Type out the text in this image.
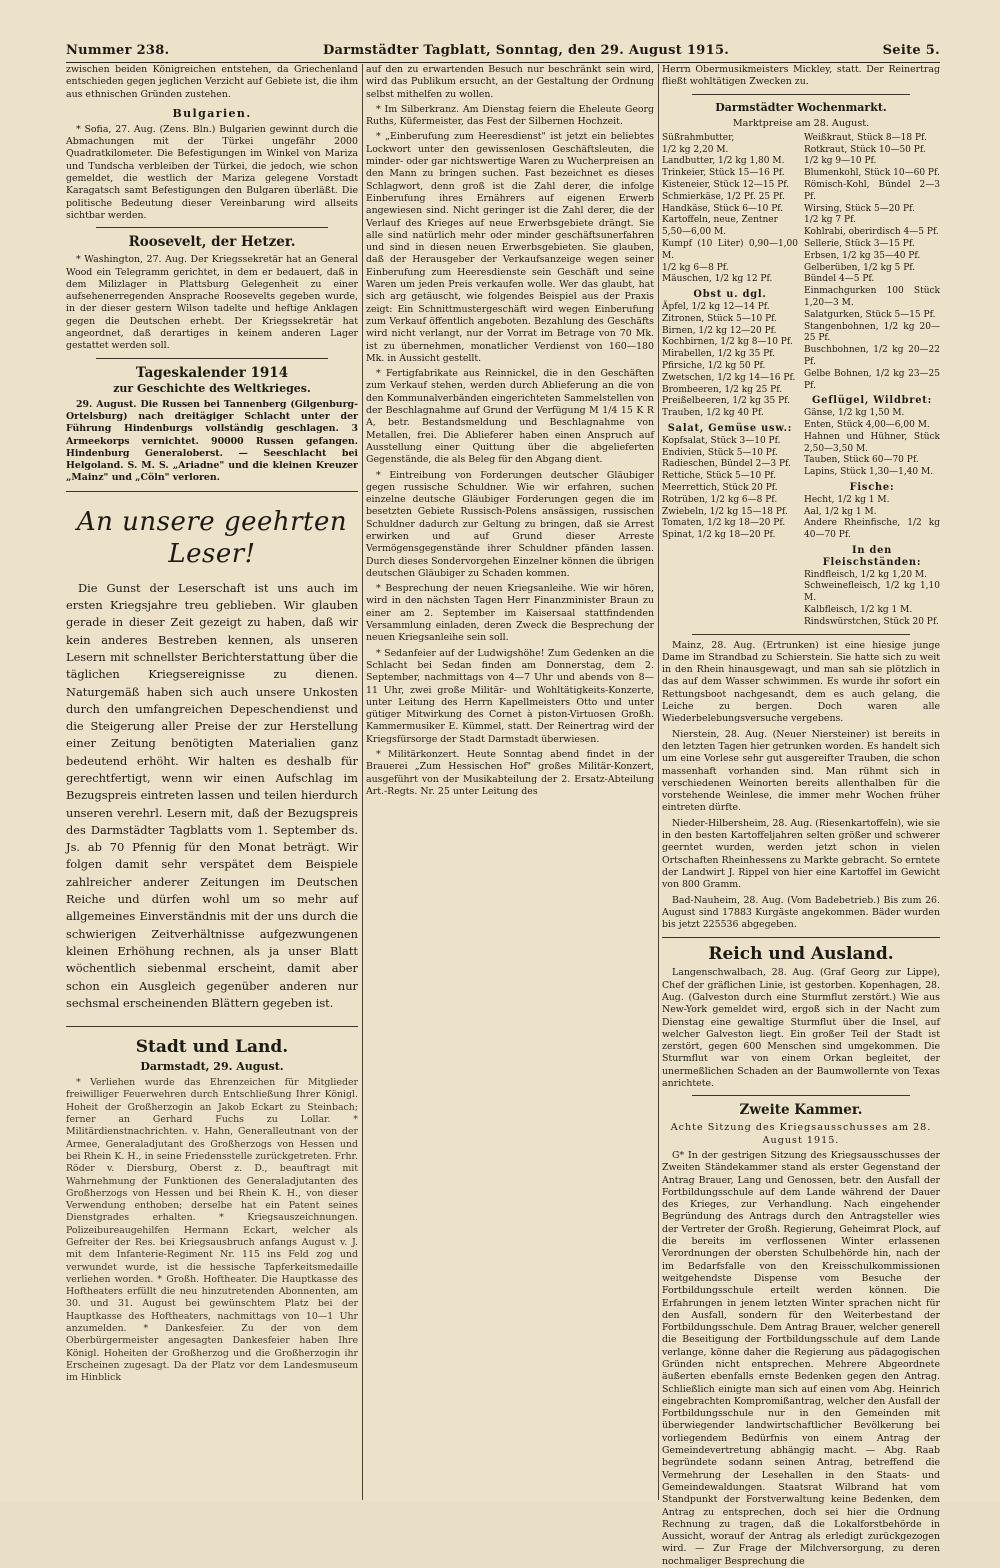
Nummer 238.	Darmstädter Tagblatt, Sonntag, den 29. August 1915.	Seite 5.

zwischen beiden Königreichen entstehen, da Griechenland entschieden gegen jeglichen Verzicht auf Gebiete ist, die ihm aus ethnischen Gründen zustehen.

Bulgarien.

* Sofia, 27. Aug. (Zens. Bln.) Bulgarien gewinnt durch die Abmachungen mit der Türkei ungefähr 2000 Quadratkilometer. Die Befestigungen im Winkel von Mariza und Tundscha verbleiben der Türkei, die jedoch, wie schon gemeldet, die westlich der Mariza gelegene Vorstadt Karagatsch samt Befestigungen den Bulgaren überläßt. Die politische Bedeutung dieser Vereinbarung wird allseits sichtbar werden.

Roosevelt, der Hetzer.

* Washington, 27. Aug. Der Kriegssekretär hat an General Wood ein Telegramm gerichtet, in dem er bedauert, daß in dem Milizlager in Plattsburg Gelegenheit zu einer aufsehenerregenden Ansprache Roosevelts gegeben wurde, in der dieser gestern Wilson tadelte und heftige Anklagen gegen die Deutschen erhebt. Der Kriegssekretär hat angeordnet, daß derartiges in keinem anderen Lager gestattet werden soll.

Tageskalender 1914
zur Geschichte des Weltkrieges.

29. August. Die Russen bei Tannenberg (Gilgenburg-Ortelsburg) nach dreitägiger Schlacht unter der Führung Hindenburgs vollständig geschlagen. 3 Armeekorps vernichtet. 90000 Russen gefangen. Hindenburg Generaloberst. — Seeschlacht bei Helgoland. S. M. S. „Ariadne" und die kleinen Kreuzer „Mainz" und „Cöln" verloren.

An unsere geehrten Leser!

Die Gunst der Leserschaft ist uns auch im ersten Kriegsjahre treu geblieben. Wir glauben gerade in dieser Zeit gezeigt zu haben, daß wir kein anderes Bestreben kennen, als unseren Lesern mit schnellster Berichterstattung über die täglichen Kriegsereignisse zu dienen. Naturgemäß haben sich auch unsere Unkosten durch den umfangreichen Depeschendienst und die Steigerung aller Preise der zur Herstellung einer Zeitung benötigten Materialien ganz bedeutend erhöht. Wir halten es deshalb für gerechtfertigt, wenn wir einen Aufschlag im Bezugspreis eintreten lassen und teilen hierdurch unseren verehrl. Lesern mit, daß der Bezugspreis des Darmstädter Tagblatts vom 1. September ds. Js. ab 70 Pfennig für den Monat beträgt. Wir folgen damit sehr verspätet dem Beispiele zahlreicher anderer Zeitungen im Deutschen Reiche und dürfen wohl um so mehr auf allgemeines Einverständnis mit der uns durch die schwierigen Zeitverhältnisse aufgezwungenen kleinen Erhöhung rechnen, als ja unser Blatt wöchentlich siebenmal erscheint, damit aber schon ein Ausgleich gegenüber anderen nur sechsmal erscheinenden Blättern gegeben ist.

Stadt und Land.
Darmstadt, 29. August.

* Verliehen wurde das Ehrenzeichen für Mitglieder freiwilliger Feuerwehren durch Entschließung Ihrer Königl. Hoheit der Großherzogin an Jakob Eckart zu Steinbach; ferner an Gerhard Fuchs zu Lollar. * Militärdienstnachrichten. v. Hahn, Generalleutnant von der Armee, Generaladjutant des Großherzogs von Hessen und bei Rhein K. H., in seine Friedensstelle zurückgetreten. Frhr. Röder v. Diersburg, Oberst z. D., beauftragt mit Wahrnehmung der Funktionen des Generaladjutanten des Großherzogs von Hessen und bei Rhein K. H., von dieser Verwendung enthoben; derselbe hat ein Patent seines Dienstgrades erhalten. * Kriegsauszeichnungen. Polizeibureaugehilfen Hermann Eckart, welcher als Gefreiter der Res. bei Kriegsausbruch anfangs August v. J. mit dem Infanterie-Regiment Nr. 115 ins Feld zog und verwundet wurde, ist die hessische Tapferkeitsmedaille verliehen worden. * Großh. Hoftheater. Die Hauptkasse des Hoftheaters erfüllt die neu hinzutretenden Abonnenten, am 30. und 31. August bei gewünschtem Platz bei der Hauptkasse des Hoftheaters, nachmittags von 10—1 Uhr anzumelden. * Dankesfeier. Zu der von dem Oberbürgermeister angesagten Dankesfeier haben Ihre Königl. Hoheiten der Großherzog und die Großherzogin ihr Erscheinen zugesagt. Da der Platz vor dem Landesmuseum im Hinblick

auf den zu erwartenden Besuch nur beschränkt sein wird, wird das Publikum ersucht, an der Gestaltung der Ordnung selbst mithelfen zu wollen.

* Im Silberkranz. Am Dienstag feiern die Eheleute Georg Ruths, Küfermeister, das Fest der Silbernen Hochzeit.

* „Einberufung zum Heeresdienst" ist jetzt ein beliebtes Lockwort unter den gewissenlosen Geschäftsleuten, die minder- oder gar nichtswertige Waren zu Wucherpreisen an den Mann zu bringen suchen. Fast bezeichnet es dieses Schlagwort, denn groß ist die Zahl derer, die infolge Einberufung ihres Ernährers auf eigenen Erwerb angewiesen sind. Nicht geringer ist die Zahl derer, die der Verlauf des Krieges auf neue Erwerbsgebiete drängt. Sie alle sind natürlich mehr oder minder geschäftsunerfahren und sind in diesen neuen Erwerbsgebieten. Sie glauben, daß der Herausgeber der Verkaufsanzeige wegen seiner Einberufung zum Heeresdienste sein Geschäft und seine Waren um jeden Preis verkaufen wolle. Wer das glaubt, hat sich arg getäuscht, wie folgendes Beispiel aus der Praxis zeigt: Ein Schnittmustergeschäft wird wegen Einberufung zum Verkauf öffentlich angeboten. Bezahlung des Geschäfts wird nicht verlangt, nur der Vorrat im Betrage von 70 Mk. ist zu übernehmen, monatlicher Verdienst von 160—180 Mk. in Aussicht gestellt.

* Fertigfabrikate aus Reinnickel, die in den Geschäften zum Verkauf stehen, werden durch Ablieferung an die von den Kommunalverbänden eingerichteten Sammelstellen von der Beschlagnahme auf Grund der Verfügung M 1/4 15 K R A, betr. Bestandsmeldung und Beschlagnahme von Metallen, frei. Die Ablieferer haben einen Anspruch auf Ausstellung einer Quittung über die abgelieferten Gegenstände, die als Beleg für den Abgang dient.

* Eintreibung von Forderungen deutscher Gläubiger gegen russische Schuldner. Wie wir erfahren, suchen einzelne deutsche Gläubiger Forderungen gegen die im besetzten Gebiete Russisch-Polens ansässigen, russischen Schuldner dadurch zur Geltung zu bringen, daß sie Arrest erwirken und auf Grund dieser Arreste Vermögensgegenstände ihrer Schuldner pfänden lassen. Durch dieses Sondervorgehen Einzelner können die übrigen deutschen Gläubiger zu Schaden kommen.

* Besprechung der neuen Kriegsanleihe. Wie wir hören, wird in den nächsten Tagen Herr Finanzminister Braun zu einer am 2. September im Kaisersaal stattfindenden Versammlung einladen, deren Zweck die Besprechung der neuen Kriegsanleihe sein soll.

* Sedanfeier auf der Ludwigshöhe! Zum Gedenken an die Schlacht bei Sedan finden am Donnerstag, dem 2. September, nachmittags von 4—7 Uhr und abends von 8—11 Uhr, zwei große Militär- und Wohltätigkeits-Konzerte, unter Leitung des Herrn Kapellmeisters Otto und unter gütiger Mitwirkung des Cornet à piston-Virtuosen Großh. Kammermusiker E. Kümmel, statt. Der Reinertrag wird der Kriegsfürsorge der Stadt Darmstadt überwiesen.

* Militärkonzert. Heute Sonntag abend findet in der Brauerei „Zum Hessischen Hof" großes Militär-Konzert, ausgeführt von der Musikabteilung der 2. Ersatz-Abteilung Art.-Regts. Nr. 25 unter Leitung des

Herrn Obermusikmeisters Mickley, statt. Der Reinertrag fließt wohltätigen Zwecken zu.

Darmstädter Wochenmarkt.
Marktpreise am 28. August.
Süßrahmbutter,
1/2 kg 2,20 M.
Landbutter, 1/2 kg 1,80 M.
Trinkeier, Stück 15—16 Pf.
Kisteneier, Stück 12—15 Pf.
Schmierkäse, 1/2 Pf. 25 Pf.
Handkäse, Stück 6—10 Pf.
Kartoffeln, neue, Zentner
5,50—6,00 M.
Kumpf (10 Liter) 0,90—1,00 M.
1/2 kg 6—8 Pf.
Mäuschen, 1/2 kg 12 Pf.
Obst u. dgl.
Äpfel, 1/2 kg 12—14 Pf.
Zitronen, Stück 5—10 Pf.
Birnen, 1/2 kg 12—20 Pf.
Kochbirnen, 1/2 kg 8—10 Pf.
Mirabellen, 1/2 kg 35 Pf.
Pfirsiche, 1/2 kg 50 Pf.
Zwetschen, 1/2 kg 14—16 Pf.
Brombeeren, 1/2 kg 25 Pf.
Preißelbeeren, 1/2 kg 35 Pf.
Trauben, 1/2 kg 40 Pf.
Salat, Gemüse usw.:
Kopfsalat, Stück 3—10 Pf.
Endivien, Stück 5—10 Pf.
Radieschen, Bündel 2—3 Pf.
Rettiche, Stück 5—10 Pf.
Meerrettich, Stück 20 Pf.
Rotrüben, 1/2 kg 6—8 Pf.
Zwiebeln, 1/2 kg 15—18 Pf.
Tomaten, 1/2 kg 18—20 Pf.
Spinat, 1/2 kg 18—20 Pf.
Weißkraut, Stück 8—18 Pf.
Rotkraut, Stück 10—50 Pf.
1/2 kg 9—10 Pf.
Blumenkohl, Stück 10—60 Pf.
Römisch-Kohl, Bündel 2—3 Pf.
Wirsing, Stück 5—20 Pf.
1/2 kg 7 Pf.
Kohlrabi, oberirdisch 4—5 Pf.
Sellerie, Stück 3—15 Pf.
Erbsen, 1/2 kg 35—40 Pf.
Gelberüben, 1/2 kg 5 Pf.
Bündel 4—5 Pf.
Einmachgurken 100 Stück 1,20—3 M.
Salatgurken, Stück 5—15 Pf.
Stangenbohnen, 1/2 kg 20—25 Pf.
Buschbohnen, 1/2 kg 20—22 Pf.
Gelbe Bohnen, 1/2 kg 23—25 Pf.
Geflügel, Wildbret:
Gänse, 1/2 kg 1,50 M.
Enten, Stück 4,00—6,00 M.
Hahnen und Hühner, Stück 2,50—3,50 M.
Tauben, Stück 60—70 Pf.
Lapins, Stück 1,30—1,40 M.
Fische:
Hecht, 1/2 kg 1 M.
Aal, 1/2 kg 1 M.
Andere Rheinfische, 1/2 kg 40—70 Pf.
In den Fleischständen:
Rindfleisch, 1/2 kg 1,20 M.
Schweinefleisch, 1/2 kg 1,10 M.
Kalbfleisch, 1/2 kg 1 M.
Rindswürstchen, Stück 20 Pf.

Mainz, 28. Aug. (Ertrunken) ist eine hiesige junge Dame im Strandbad zu Schierstein. Sie hatte sich zu weit in den Rhein hinausgewagt, und man sah sie plötzlich in das auf dem Wasser schwimmen. Es wurde ihr sofort ein Rettungsboot nachgesandt, dem es auch gelang, die Leiche zu bergen. Doch waren alle Wiederbelebungsversuche vergebens.

Nierstein, 28. Aug. (Neuer Niersteiner) ist bereits in den letzten Tagen hier getrunken worden. Es handelt sich um eine Vorlese sehr gut ausgereifter Trauben, die schon massenhaft vorhanden sind. Man rühmt sich in verschiedenen Weinorten bereits allenthalben für die vorstehende Weinlese, die immer mehr Wochen früher eintreten dürfte.

Nieder-Hilbersheim, 28. Aug. (Riesenkartoffeln), wie sie in den besten Kartoffeljahren selten größer und schwerer geerntet wurden, werden jetzt schon in vielen Ortschaften Rheinhessens zu Markte gebracht. So erntete der Landwirt J. Rippel von hier eine Kartoffel im Gewicht von 800 Gramm.

Bad-Nauheim, 28. Aug. (Vom Badebetrieb.) Bis zum 26. August sind 17883 Kurgäste angekommen. Bäder wurden bis jetzt 225536 abgegeben.

Reich und Ausland.

Langenschwalbach, 28. Aug. (Graf Georg zur Lippe), Chef der gräflichen Linie, ist gestorben. Kopenhagen, 28. Aug. (Galveston durch eine Sturmflut zerstört.) Wie aus New-York gemeldet wird, ergoß sich in der Nacht zum Dienstag eine gewaltige Sturmflut über die Insel, auf welcher Galveston liegt. Ein großer Teil der Stadt ist zerstört, gegen 600 Menschen sind umgekommen. Die Sturmflut war von einem Orkan begleitet, der unermeßlichen Schaden an der Baumwollernte von Texas anrichtete.

Zweite Kammer.
Achte Sitzung des Kriegsausschusses am 28. August 1915.

G* In der gestrigen Sitzung des Kriegsausschusses der Zweiten Ständekammer stand als erster Gegenstand der Antrag Brauer, Lang und Genossen, betr. den Ausfall der Fortbildungsschule auf dem Lande während der Dauer des Krieges, zur Verhandlung. Nach eingehender Begründung des Antrags durch den Antragsteller wies der Vertreter der Großh. Regierung, Geheimrat Plock, auf die bereits im verflossenen Winter erlassenen Verordnungen der obersten Schulbehörde hin, nach der im Bedarfsfalle von den Kreisschulkommissionen weitgehendste Dispense vom Besuche der Fortbildungsschule erteilt werden können. Die Erfahrungen in jenem letzten Winter sprachen nicht für den Ausfall, sondern für den Weiterbestand der Fortbildungsschule. Dem Antrag Brauer, welcher generell die Beseitigung der Fortbildungsschule auf dem Lande verlange, könne daher die Regierung aus pädagogischen Gründen nicht entsprechen. Mehrere Abgeordnete äußerten ebenfalls ernste Bedenken gegen den Antrag. Schließlich einigte man sich auf einen vom Abg. Heinrich eingebrachten Kompromißantrag, welcher den Ausfall der Fortbildungsschule nur in den Gemeinden mit überwiegender landwirtschaftlicher Bevölkerung bei vorliegendem Bedürfnis von einem Antrag der Gemeindevertretung abhängig macht. — Abg. Raab begründete sodann seinen Antrag, betreffend die Vermehrung der Lesehallen in den Staats- und Gemeindewaldungen. Staatsrat Wilbrand hat vom Standpunkt der Forstverwaltung keine Bedenken, dem Antrag zu entsprechen, doch sei hier die Ordnung Rechnung zu tragen, daß die Lokalforstbehörde in Aussicht, worauf der Antrag als erledigt zurückgezogen wird. — Zur Frage der Milchversorgung, zu deren nochmaliger Besprechung die
